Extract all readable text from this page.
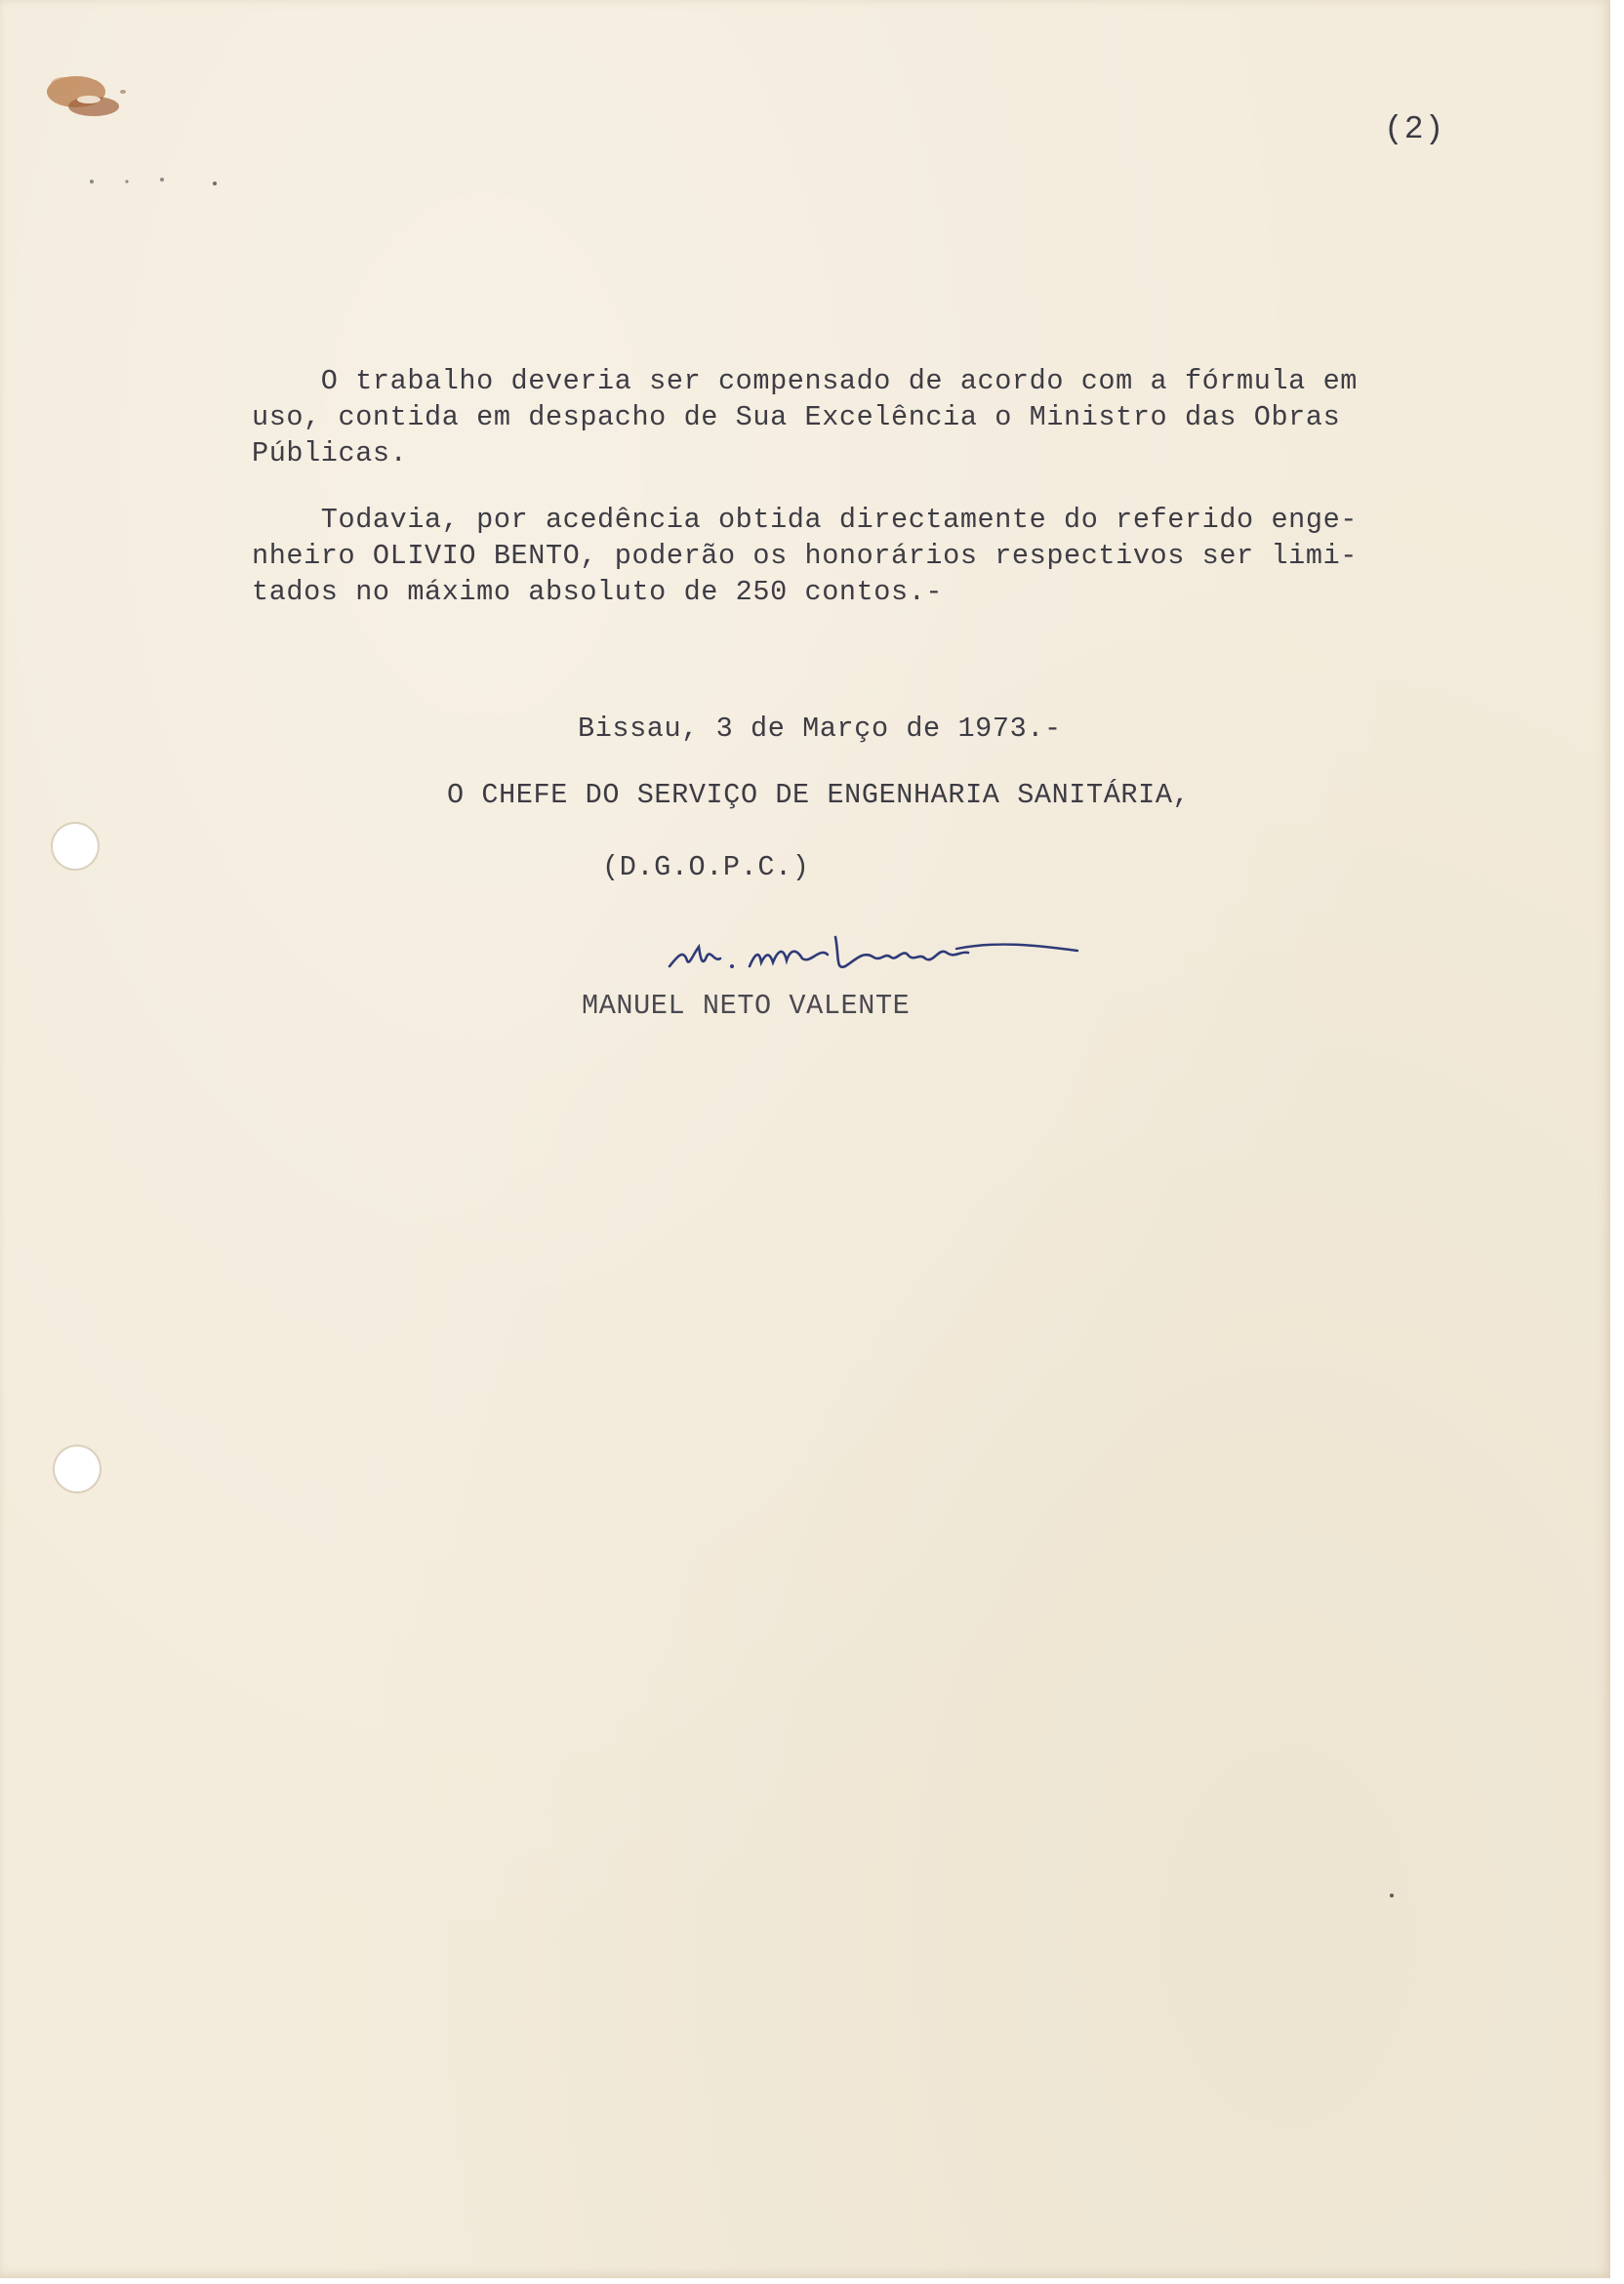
(2)
O trabalho deveria ser compensado de acordo com a fórmula em
uso, contida em despacho de Sua Excelência o Ministro das Obras
Públicas.
Todavia, por acedência obtida directamente do referido enge-
nheiro OLIVIO BENTO, poderão os honorários respectivos ser limi-
tados no máximo absoluto de 250 contos.-
Bissau, 3 de Março de 1973.-
O CHEFE DO SERVIÇO DE ENGENHARIA SANITÁRIA,
(D.G.O.P.C.)
MANUEL NETO VALENTE
